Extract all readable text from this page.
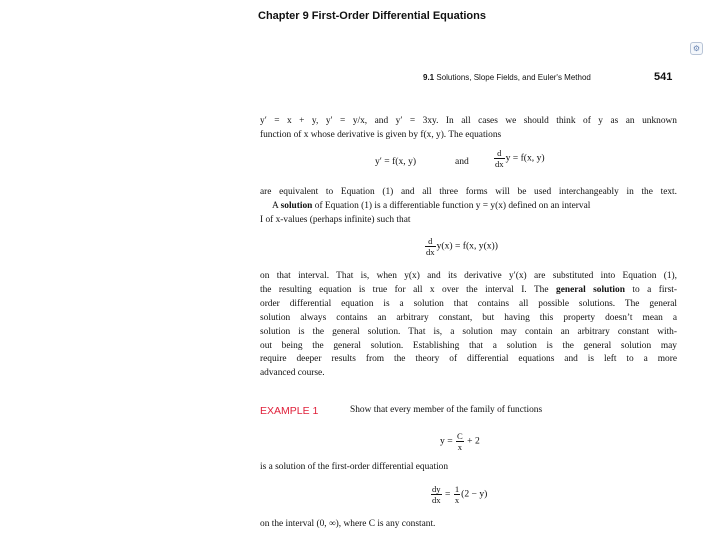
Chapter 9 First-Order Differential Equations
⚙
9.1 Solutions, Slope Fields, and Euler's Method	541
y′ = x + y, y′ = y/x, and y′ = 3xy. In all cases we should think of y as an unknown
function of x whose derivative is given by f(x, y). The equations
y′ = f(x, y)	and	$\frac{d}{dx}$ y = f(x, y)
are equivalent to Equation (1) and all three forms will be used interchangeably in the text.
A solution of Equation (1) is a differentiable function y = y(x) defined on an interval
I of x-values (perhaps infinite) such that
$\frac{d}{dx} y(x) = f(x$, y(x))
on that interval. That is, when y(x) and its derivative y′(x) are substituted into Equation (1),
the resulting equation is true for all x over the interval I. The general solution to a first-
order differential equation is a solution that contains all possible solutions. The general
solution always contains an arbitrary constant, but having this property doesn’t mean a
solution is the general solution. That is, a solution may contain an arbitrary constant with-
out being the general solution. Establishing that a solution is the general solution may
require deeper results from the theory of differential equations and is left to a more
advanced course.
EXAMPLE 1	Show that every member of the family of functions
$y = \frac{C}{x} + 2$
is a solution of the first-order differential equation
$\frac{dy}{dx} = \frac{1}{x} (2 - y)$
on the interval (0, ∞), where C is any constant.
